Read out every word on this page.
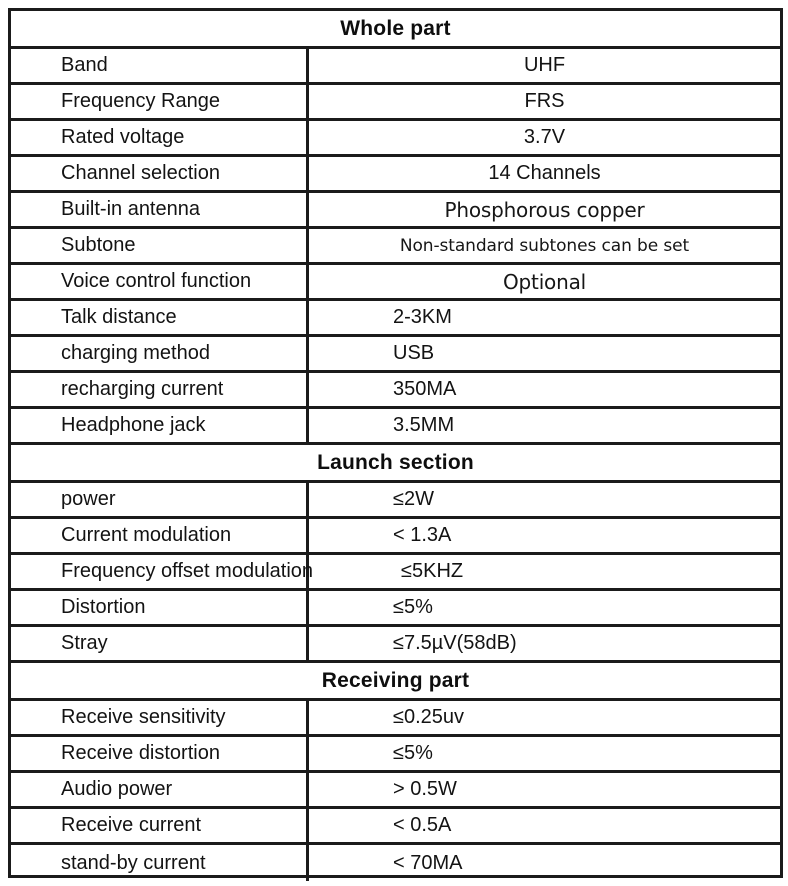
Whole part
Band	UHF
Frequency Range	FRS
Rated voltage	3.7V
Channel selection	14 Channels
Built-in antenna	Phosphorous copper
Subtone	Non-standard subtones can be set
Voice control function	Optional
Talk distance	2-3KM
charging method	USB
recharging current	350MA
Headphone jack	3.5MM
Launch section
power	≤2W
Current modulation	< 1.3A
Frequency offset modulation	≤5KHZ
Distortion	≤5%
Stray	≤7.5µV(58dB)
Receiving part
Receive sensitivity	≤0.25uv
Receive distortion	≤5%
Audio power	> 0.5W
Receive current	< 0.5A
stand-by current	< 70MA
